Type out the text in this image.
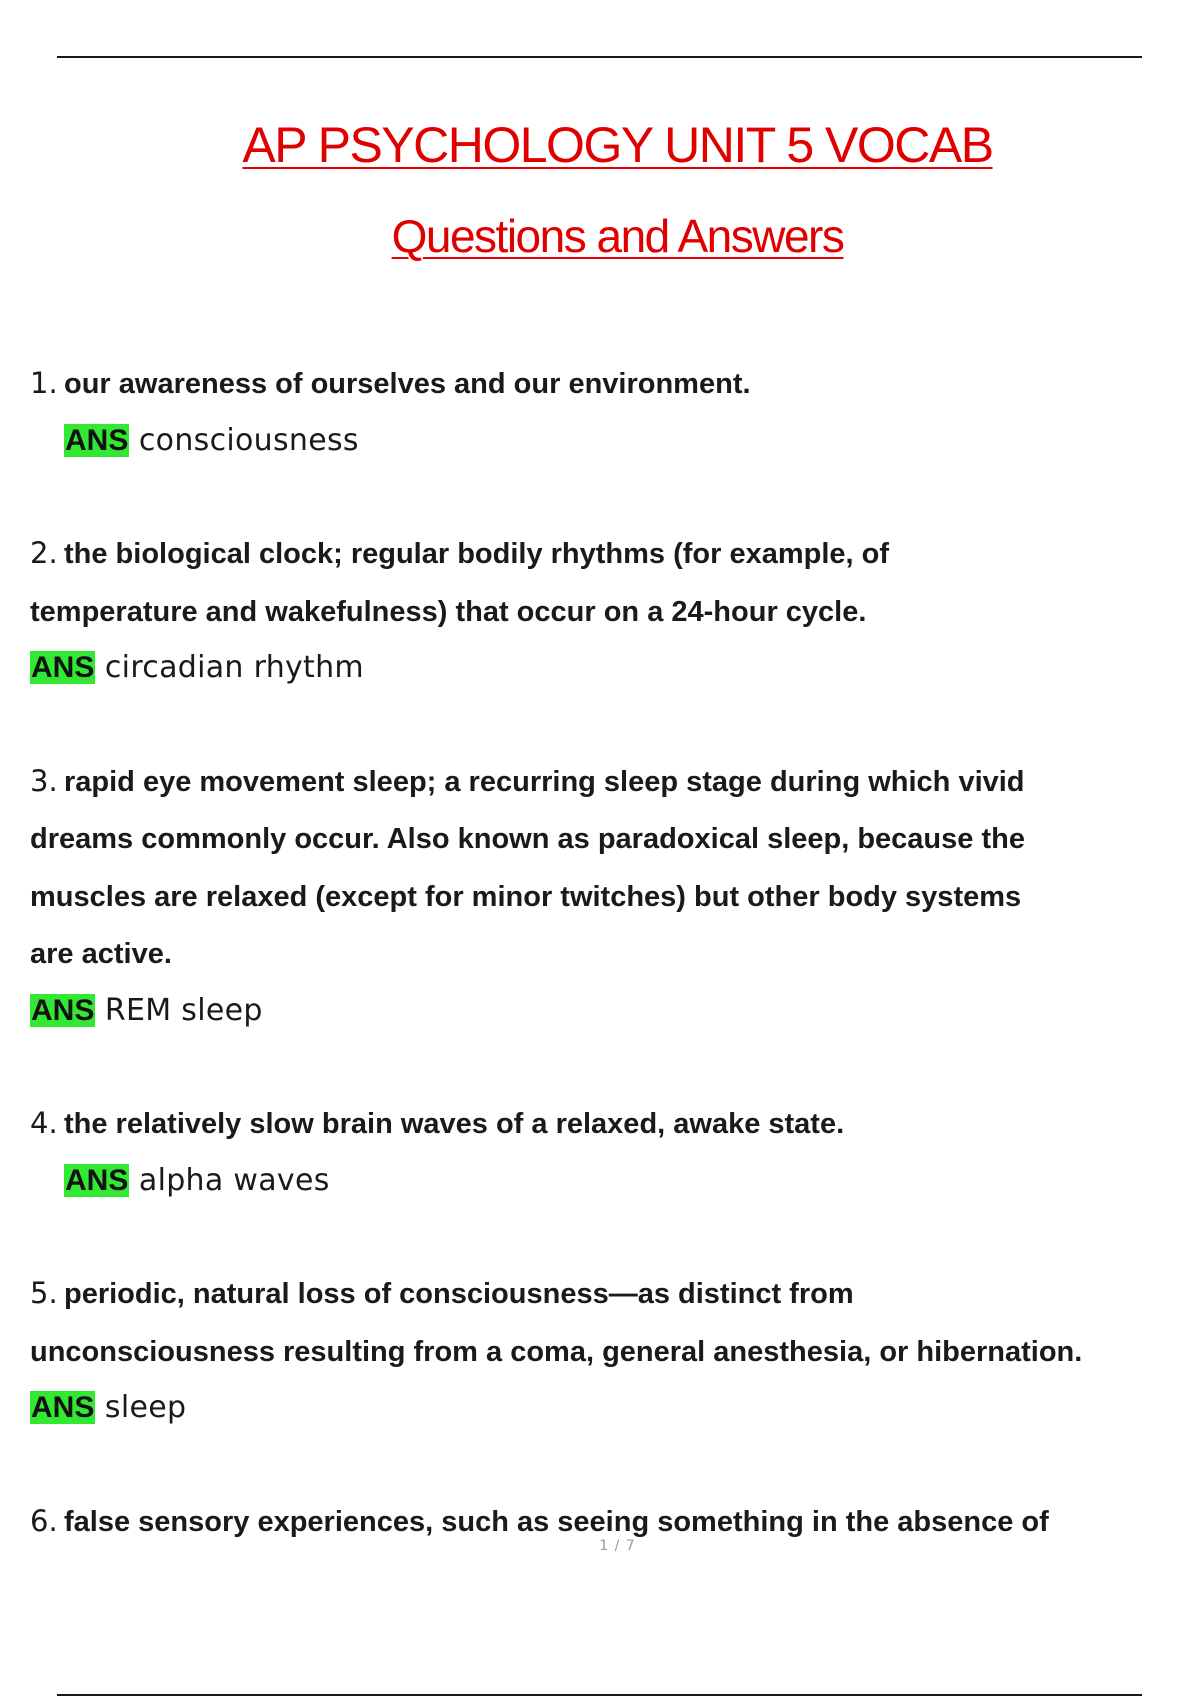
AP PSYCHOLOGY UNIT 5 VOCAB
Questions and Answers

1. our awareness of ourselves and our environment.

ANS consciousness

2. the biological clock; regular bodily rhythms (for example, of
temperature and wakefulness) that occur on a 24-hour cycle.

ANS circadian rhythm

3. rapid eye movement sleep; a recurring sleep stage during which vivid
dreams commonly occur. Also known as paradoxical sleep, because the
muscles are relaxed (except for minor twitches) but other body systems
are active.

ANS REM sleep

4. the relatively slow brain waves of a relaxed, awake state.

ANS alpha waves

5. periodic, natural loss of consciousness—as distinct from
unconsciousness resulting from a coma, general anesthesia, or hibernation.

ANS sleep

6. false sensory experiences, such as seeing something in the absence of

1 / 7
